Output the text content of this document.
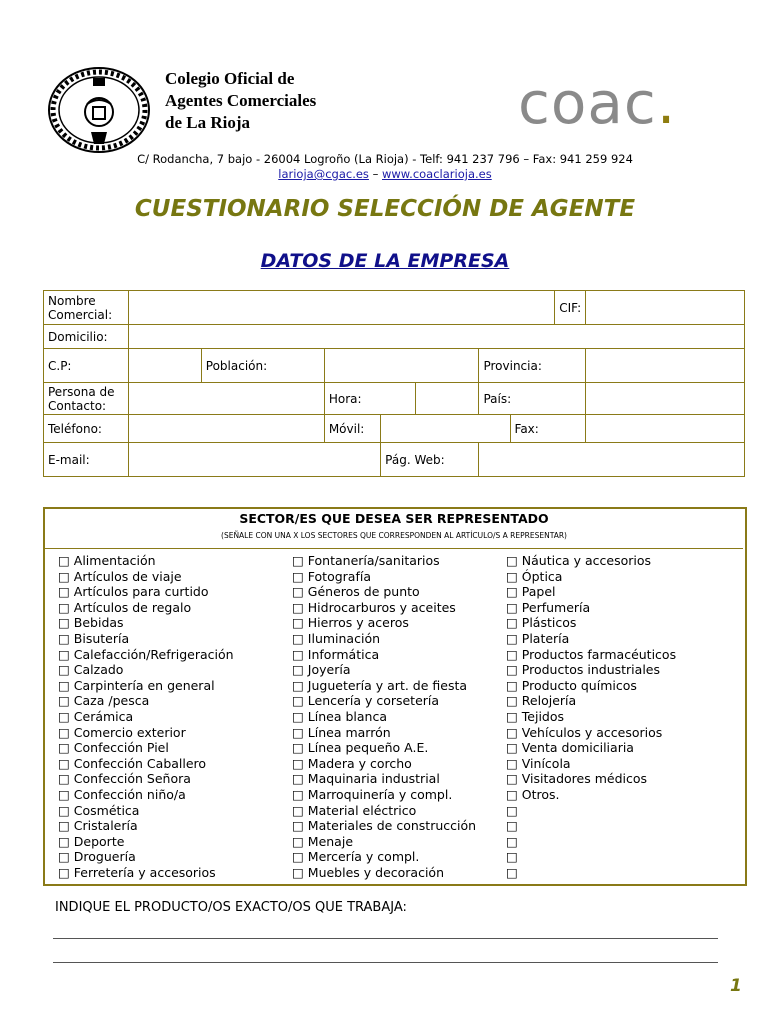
Colegio Oficial de
Agentes Comerciales
de La Rioja	coac.
C/ Rodancha, 7 bajo - 26004 Logroño (La Rioja) - Telf: 941 237 796 – Fax: 941 259 924
larioja@cgac.es – www.coaclarioja.es
CUESTIONARIO SELECCIÓN DE AGENTE
DATOS DE LA EMPRESA
Nombre Comercial:								CIF:	
Domicilio:									
C.P:		Población:				Provincia:			
Persona de Contacto:			Hora:			País:			
Teléfono:			Móvil:				Fax:		
E-mail:				Pág. Web:					
SECTOR/ES QUE DESEA SER REPRESENTADO
(SEÑALE CON UNA X LOS SECTORES QUE CORRESPONDEN AL ARTÍCULO/S A REPRESENTAR)
□ Alimentación
□ Artículos de viaje
□ Artículos para curtido
□ Artículos de regalo
□ Bebidas
□ Bisutería
□ Calefacción/Refrigeración
□ Calzado
□ Carpintería en general
□ Caza /pesca
□ Cerámica
□ Comercio exterior
□ Confección Piel
□ Confección Caballero
□ Confección Señora
□ Confección niño/a
□ Cosmética
□ Cristalería
□ Deporte
□ Droguería
□ Ferretería y accesorios
□ Fontanería/sanitarios
□ Fotografía
□ Géneros de punto
□ Hidrocarburos y aceites
□ Hierros y aceros
□ Iluminación
□ Informática
□ Joyería
□ Juguetería y art. de fiesta
□ Lencería y corsetería
□ Línea blanca
□ Línea marrón
□ Línea pequeño A.E.
□ Madera y corcho
□ Maquinaria industrial
□ Marroquinería y compl.
□ Material eléctrico
□ Materiales de construcción
□ Menaje
□ Mercería y compl.
□ Muebles y decoración
□ Náutica y accesorios
□ Óptica
□ Papel
□ Perfumería
□ Plásticos
□ Platería
□ Productos farmacéuticos
□ Productos industriales
□ Producto químicos
□ Relojería
□ Tejidos
□ Vehículos y accesorios
□ Venta domiciliaria
□ Vinícola
□ Visitadores médicos
□ Otros.
□
□
□
□
□
INDIQUE EL PRODUCTO/OS EXACTO/OS QUE TRABAJA:
1
